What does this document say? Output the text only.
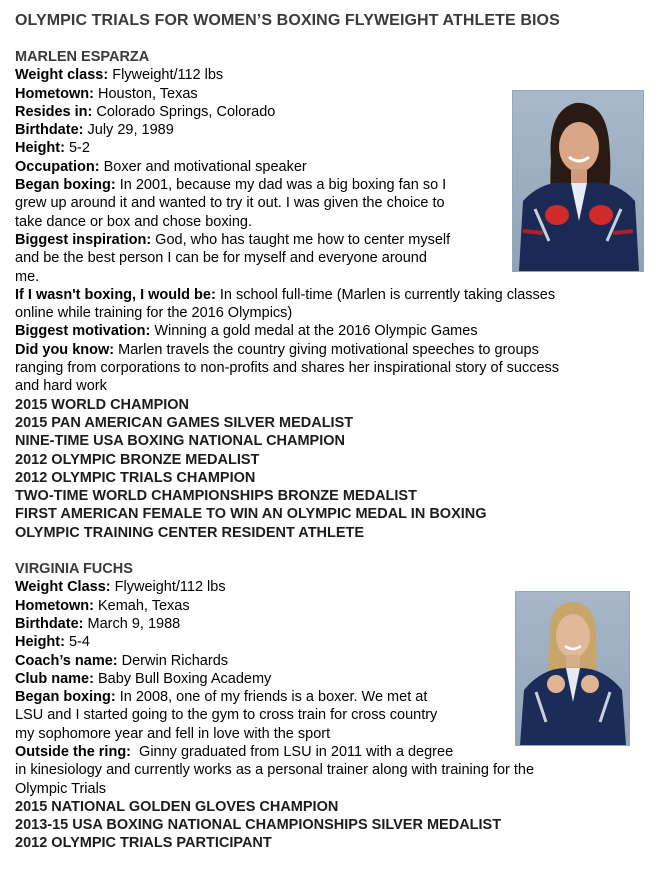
OLYMPIC TRIALS FOR WOMEN’S BOXING FLYWEIGHT ATHLETE BIOS
MARLEN ESPARZA
Weight class: Flyweight/112 lbs
Hometown: Houston, Texas
Resides in: Colorado Springs, Colorado
Birthdate: July 29, 1989
Height: 5-2
Occupation: Boxer and motivational speaker
Began boxing: In 2001, because my dad was a big boxing fan so I
grew up around it and wanted to try it out. I was given the choice to
take dance or box and chose boxing.
Biggest inspiration: God, who has taught me how to center myself
and be the best person I can be for myself and everyone around
me.
If I wasn't boxing, I would be: In school full-time (Marlen is currently taking classes
online while training for the 2016 Olympics)
Biggest motivation: Winning a gold medal at the 2016 Olympic Games
Did you know: Marlen travels the country giving motivational speeches to groups
ranging from corporations to non-profits and shares her inspirational story of success
and hard work
2015 WORLD CHAMPION
2015 PAN AMERICAN GAMES SILVER MEDALIST
NINE-TIME USA BOXING NATIONAL CHAMPION
2012 OLYMPIC BRONZE MEDALIST
2012 OLYMPIC TRIALS CHAMPION
TWO-TIME WORLD CHAMPIONSHIPS BRONZE MEDALIST
FIRST AMERICAN FEMALE TO WIN AN OLYMPIC MEDAL IN BOXING
OLYMPIC TRAINING CENTER RESIDENT ATHLETE
VIRGINIA FUCHS
Weight Class: Flyweight/112 lbs
Hometown: Kemah, Texas
Birthdate: March 9, 1988
Height: 5-4
Coach’s name: Derwin Richards
Club name: Baby Bull Boxing Academy
Began boxing: In 2008, one of my friends is a boxer. We met at
LSU and I started going to the gym to cross train for cross country
my sophomore year and fell in love with the sport
Outside the ring:  Ginny graduated from LSU in 2011 with a degree
in kinesiology and currently works as a personal trainer along with training for the
Olympic Trials
2015 NATIONAL GOLDEN GLOVES CHAMPION
2013-15 USA BOXING NATIONAL CHAMPIONSHIPS SILVER MEDALIST
2012 OLYMPIC TRIALS PARTICIPANT
